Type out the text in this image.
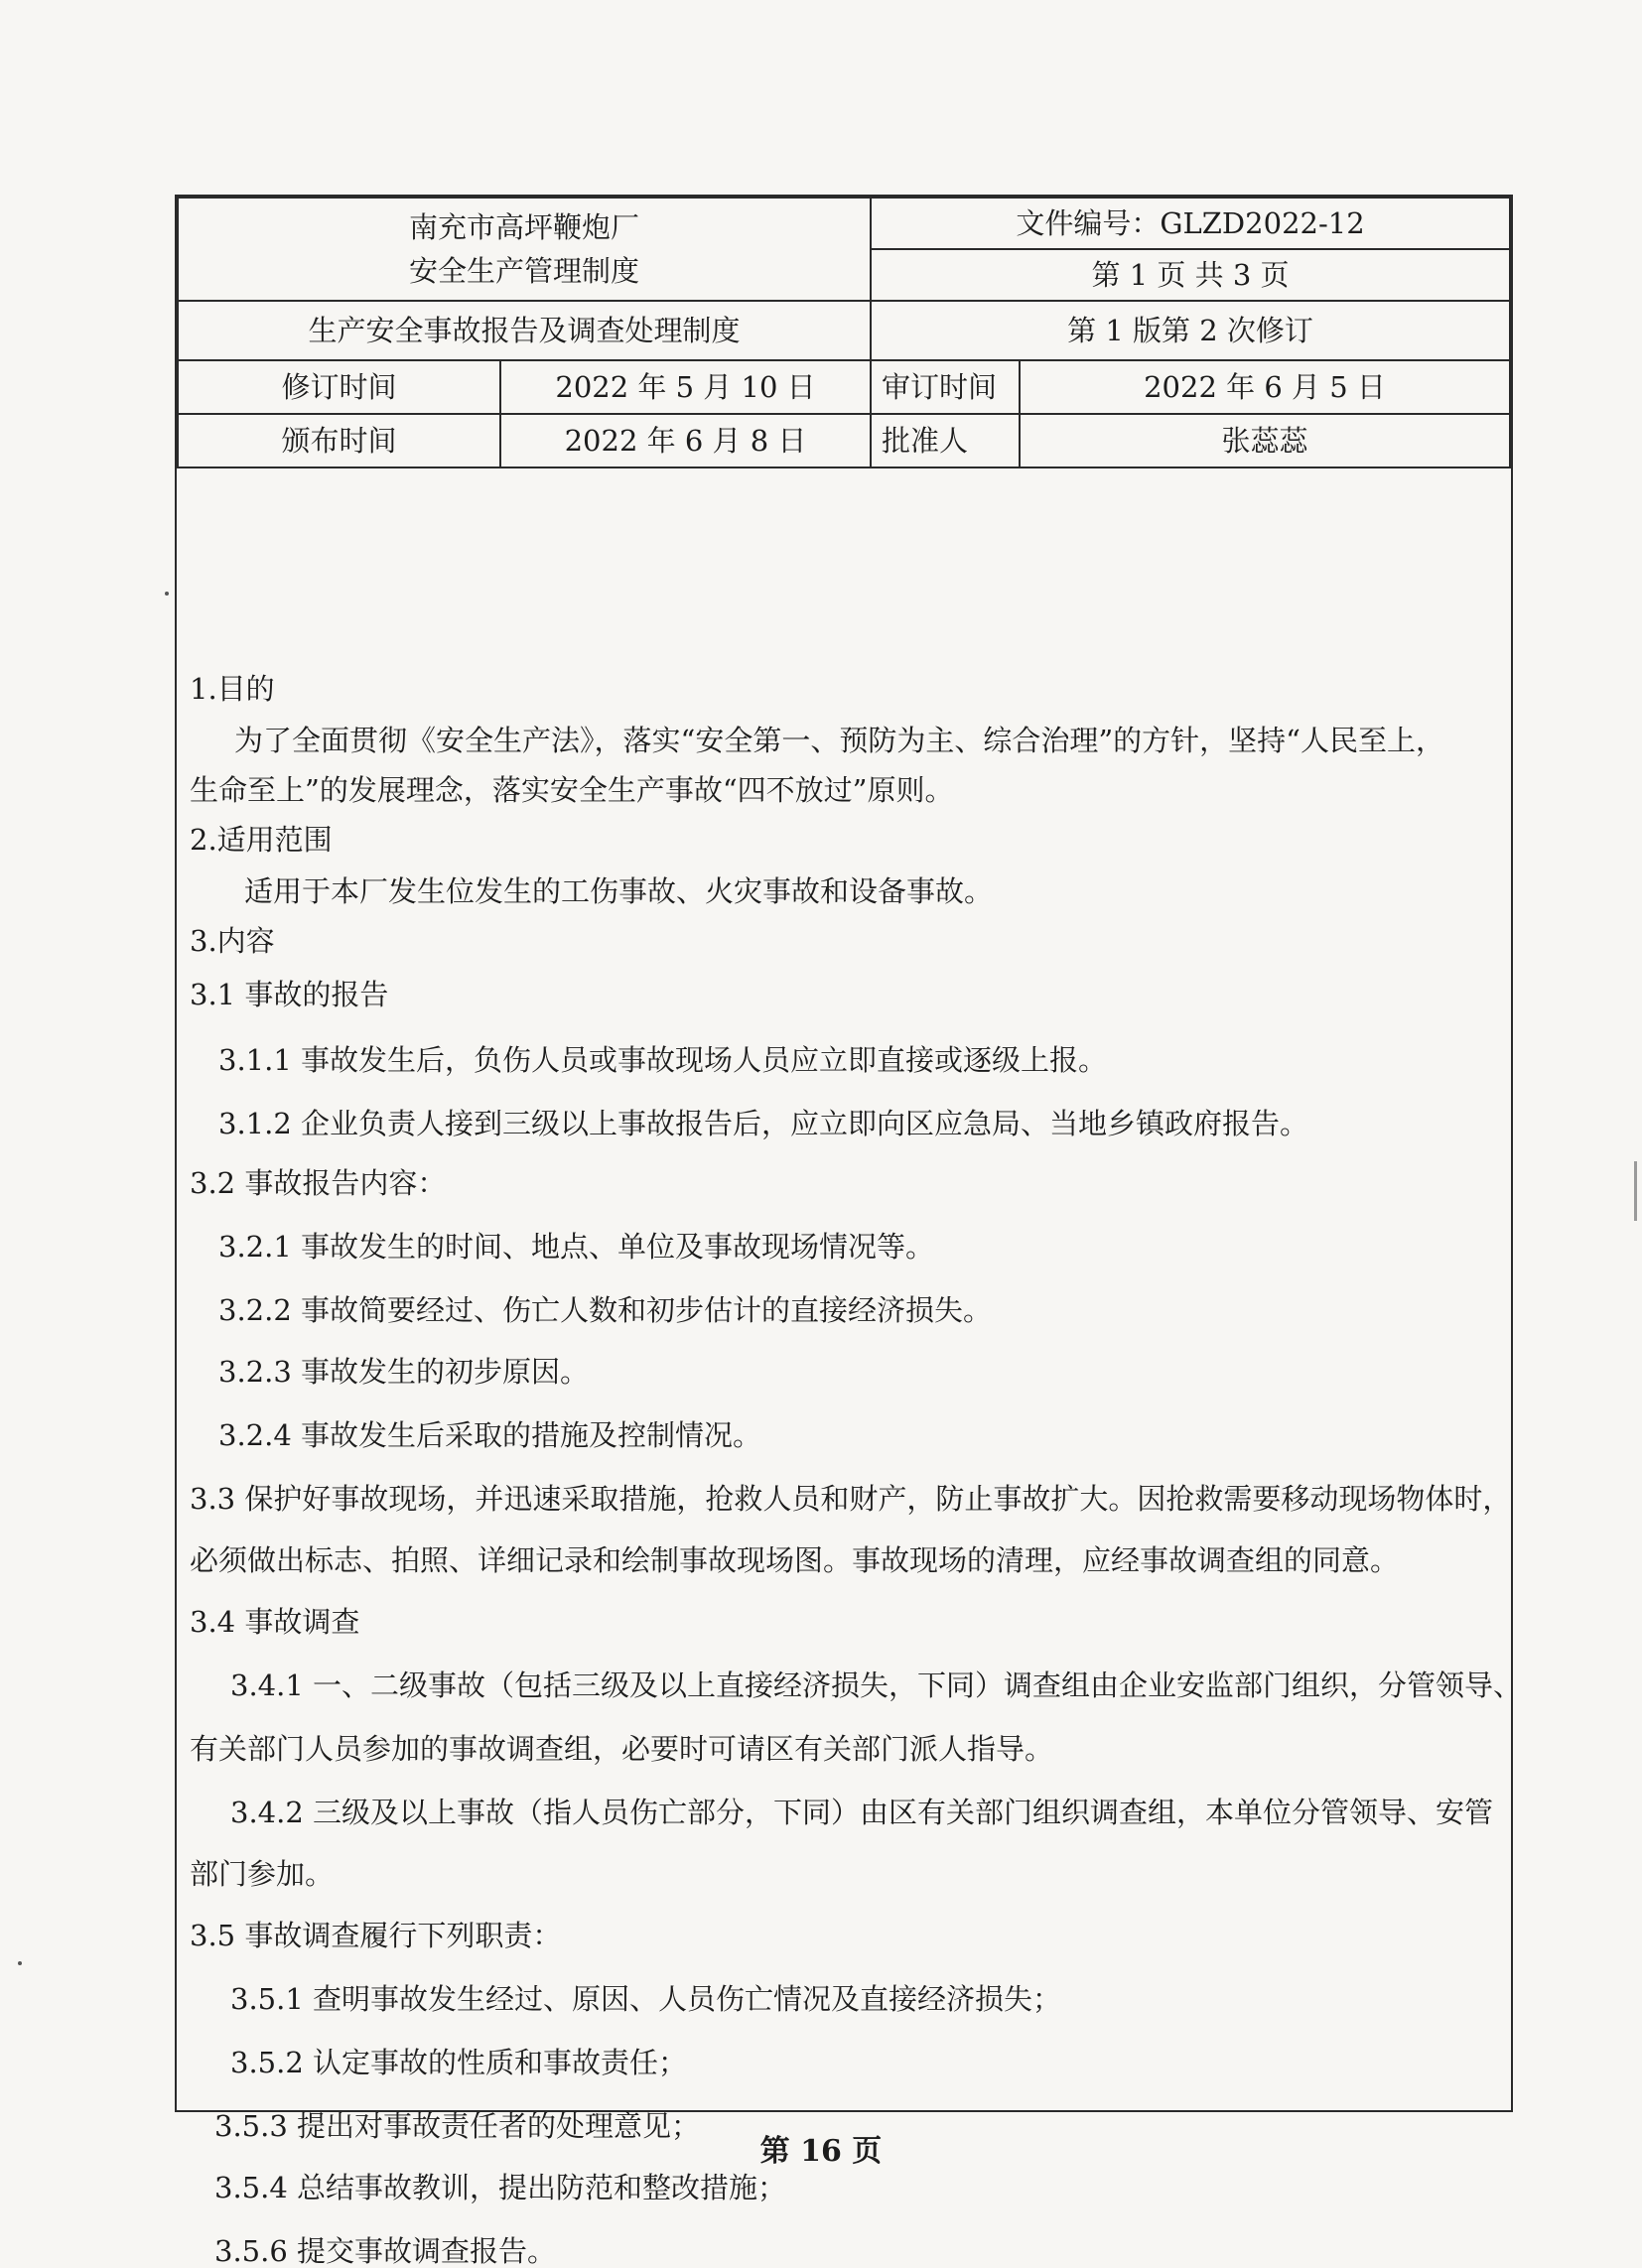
南充市高坪鞭炮厂
安全生产管理制度		文件编号：GLZD2022-12	
		第 1 页 共 3 页	
生产安全事故报告及调查处理制度		第 1 版第 2 次修订	
修订时间	2022 年 5 月 10 日	审订时间	2022 年 6 月 5 日
颁布时间	2022 年 6 月 8 日	批准人	张蕊蕊
1.目的
为了全面贯彻《安全生产法》，落实“安全第一、预防为主、综合治理”的方针，坚持“人民至上，
生命至上”的发展理念，落实安全生产事故“四不放过”原则。
2.适用范围
适用于本厂发生位发生的工伤事故、火灾事故和设备事故。
3.内容
3.1 事故的报告
3.1.1 事故发生后，负伤人员或事故现场人员应立即直接或逐级上报。
3.1.2 企业负责人接到三级以上事故报告后，应立即向区应急局、当地乡镇政府报告。
3.2 事故报告内容：
3.2.1 事故发生的时间、地点、单位及事故现场情况等。
3.2.2 事故简要经过、伤亡人数和初步估计的直接经济损失。
3.2.3 事故发生的初步原因。
3.2.4 事故发生后采取的措施及控制情况。
3.3 保护好事故现场，并迅速采取措施，抢救人员和财产，防止事故扩大。因抢救需要移动现场物体时，
必须做出标志、拍照、详细记录和绘制事故现场图。事故现场的清理，应经事故调查组的同意。
3.4 事故调查
3.4.1 一、二级事故（包括三级及以上直接经济损失，下同）调查组由企业安监部门组织，分管领导、
有关部门人员参加的事故调查组，必要时可请区有关部门派人指导。
3.4.2 三级及以上事故（指人员伤亡部分，下同）由区有关部门组织调查组，本单位分管领导、安管
部门参加。
3.5 事故调查履行下列职责：
3.5.1 查明事故发生经过、原因、人员伤亡情况及直接经济损失；
3.5.2 认定事故的性质和事故责任；
3.5.3 提出对事故责任者的处理意见；
3.5.4 总结事故教训，提出防范和整改措施；
3.5.6 提交事故调查报告。
第 16 页
